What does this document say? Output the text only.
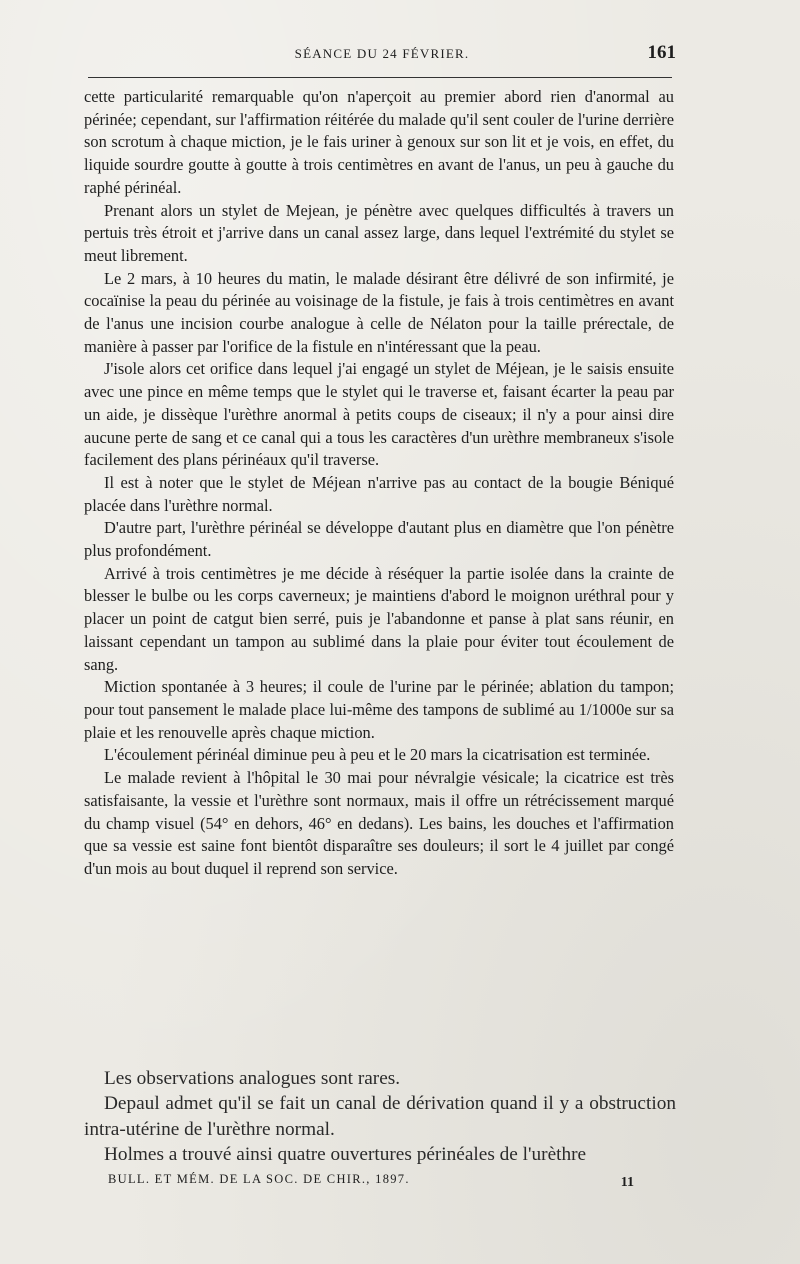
SÉANCE DU 24 FÉVRIER.	161

cette particularité remarquable qu'on n'aperçoit au premier abord rien d'anormal au périnée; cependant, sur l'affirmation réitérée du malade qu'il sent couler de l'urine derrière son scrotum à chaque miction, je le fais uriner à genoux sur son lit et je vois, en effet, du liquide sourdre goutte à goutte à trois centimètres en avant de l'anus, un peu à gauche du raphé périnéal.

Prenant alors un stylet de Mejean, je pénètre avec quelques difficultés à travers un pertuis très étroit et j'arrive dans un canal assez large, dans lequel l'extrémité du stylet se meut librement.

Le 2 mars, à 10 heures du matin, le malade désirant être délivré de son infirmité, je cocaïnise la peau du périnée au voisinage de la fistule, je fais à trois centimètres en avant de l'anus une incision courbe analogue à celle de Nélaton pour la taille prérectale, de manière à passer par l'orifice de la fistule en n'intéressant que la peau.

J'isole alors cet orifice dans lequel j'ai engagé un stylet de Méjean, je le saisis ensuite avec une pince en même temps que le stylet qui le traverse et, faisant écarter la peau par un aide, je dissèque l'urèthre anormal à petits coups de ciseaux; il n'y a pour ainsi dire aucune perte de sang et ce canal qui a tous les caractères d'un urèthre membraneux s'isole facilement des plans périnéaux qu'il traverse.

Il est à noter que le stylet de Méjean n'arrive pas au contact de la bougie Béniqué placée dans l'urèthre normal.

D'autre part, l'urèthre périnéal se développe d'autant plus en diamètre que l'on pénètre plus profondément.

Arrivé à trois centimètres je me décide à réséquer la partie isolée dans la crainte de blesser le bulbe ou les corps caverneux; je maintiens d'abord le moignon uréthral pour y placer un point de catgut bien serré, puis je l'abandonne et panse à plat sans réunir, en laissant cependant un tampon au sublimé dans la plaie pour éviter tout écoulement de sang.

Miction spontanée à 3 heures; il coule de l'urine par le périnée; ablation du tampon; pour tout pansement le malade place lui-même des tampons de sublimé au 1/1000e sur sa plaie et les renouvelle après chaque miction.

L'écoulement périnéal diminue peu à peu et le 20 mars la cicatrisation est terminée.

Le malade revient à l'hôpital le 30 mai pour névralgie vésicale; la cicatrice est très satisfaisante, la vessie et l'urèthre sont normaux, mais il offre un rétrécissement marqué du champ visuel (54° en dehors, 46° en dedans). Les bains, les douches et l'affirmation que sa vessie est saine font bientôt disparaître ses douleurs; il sort le 4 juillet par congé d'un mois au bout duquel il reprend son service.

Les observations analogues sont rares.

Depaul admet qu'il se fait un canal de dérivation quand il y a obstruction intra-utérine de l'urèthre normal.

Holmes a trouvé ainsi quatre ouvertures périnéales de l'urèthre

BULL. ET MÉM. DE LA SOC. DE CHIR., 1897.	11
